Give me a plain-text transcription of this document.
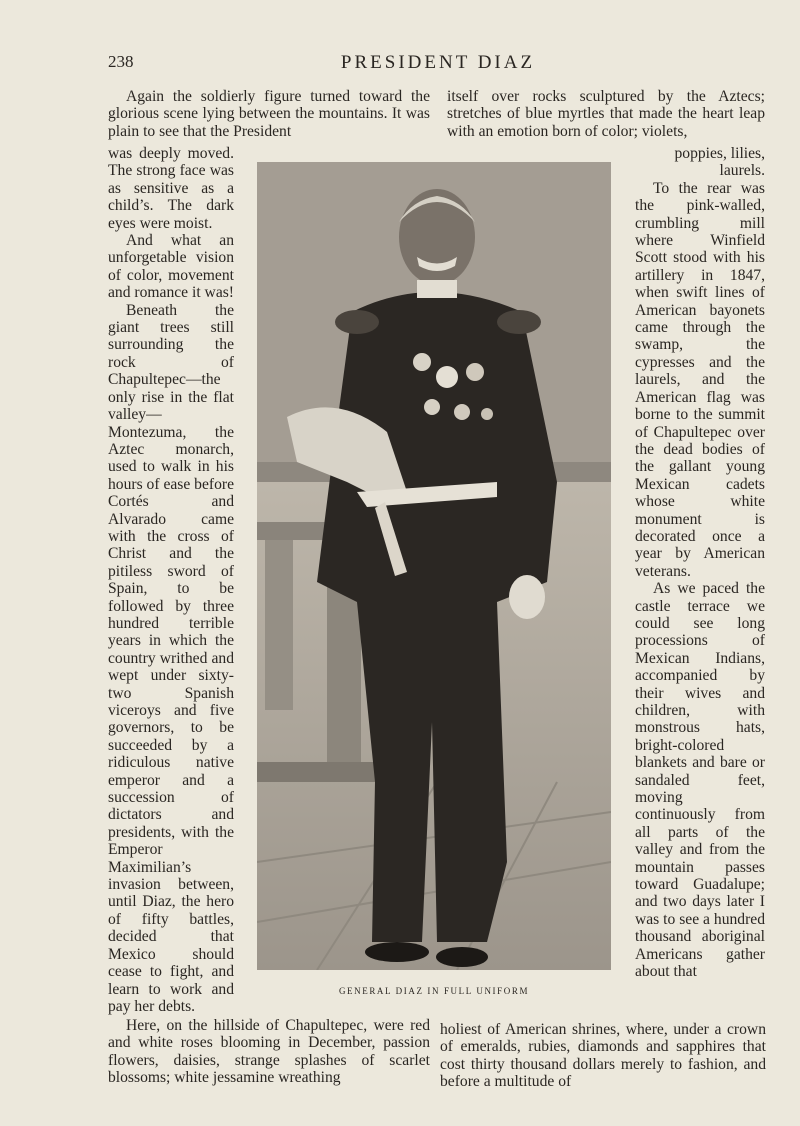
238	PRESIDENT DIAZ

Again the soldierly figure turned toward the glorious scene lying between the mountains. It was plain to see that the President

itself over rocks sculptured by the Aztecs; stretches of blue myrtles that made the heart leap with an emotion born of color; violets,

was deeply moved. The strong face was as sensitive as a child’s. The dark eyes were moist.

And what an unforgetable vision of color, movement and romance it was!

Beneath the giant trees still surrounding the rock of Chapultepec—the only rise in the flat valley—Montezuma, the Aztec monarch, used to walk in his hours of ease before Cortés and Alvarado came with the cross of Christ and the pitiless sword of Spain, to be followed by three hundred terrible years in which the country writhed and wept under sixty-two Spanish viceroys and five governors, to be succeeded by a ridiculous native emperor and a succession of dictators and presidents, with the Emperor Maximilian’s invasion between, until Diaz, the hero of fifty battles, decided that Mexico should cease to fight, and learn to work and pay her debts.

poppies, lilies, laurels.

To the rear was the pink-walled, crumbling mill where Winfield Scott stood with his artillery in 1847, when swift lines of American bayonets came through the swamp, the cypresses and the laurels, and the American flag was borne to the summit of Chapultepec over the dead bodies of the gallant young Mexican cadets whose white monument is decorated once a year by American veterans.

As we paced the castle terrace we could see long processions of Mexican Indians, accompanied by their wives and children, with monstrous hats, bright-colored blankets and bare or sandaled feet, moving continuously from all parts of the valley and from the mountain passes toward Guadalupe; and two days later I was to see a hundred thousand aboriginal Americans gather about that

GENERAL DIAZ IN FULL UNIFORM

Here, on the hillside of Chapultepec, were red and white roses blooming in December, passion flowers, daisies, strange splashes of scarlet blossoms; white jessamine wreathing

holiest of American shrines, where, under a crown of emeralds, rubies, diamonds and sapphires that cost thirty thousand dollars merely to fashion, and before a multitude of
